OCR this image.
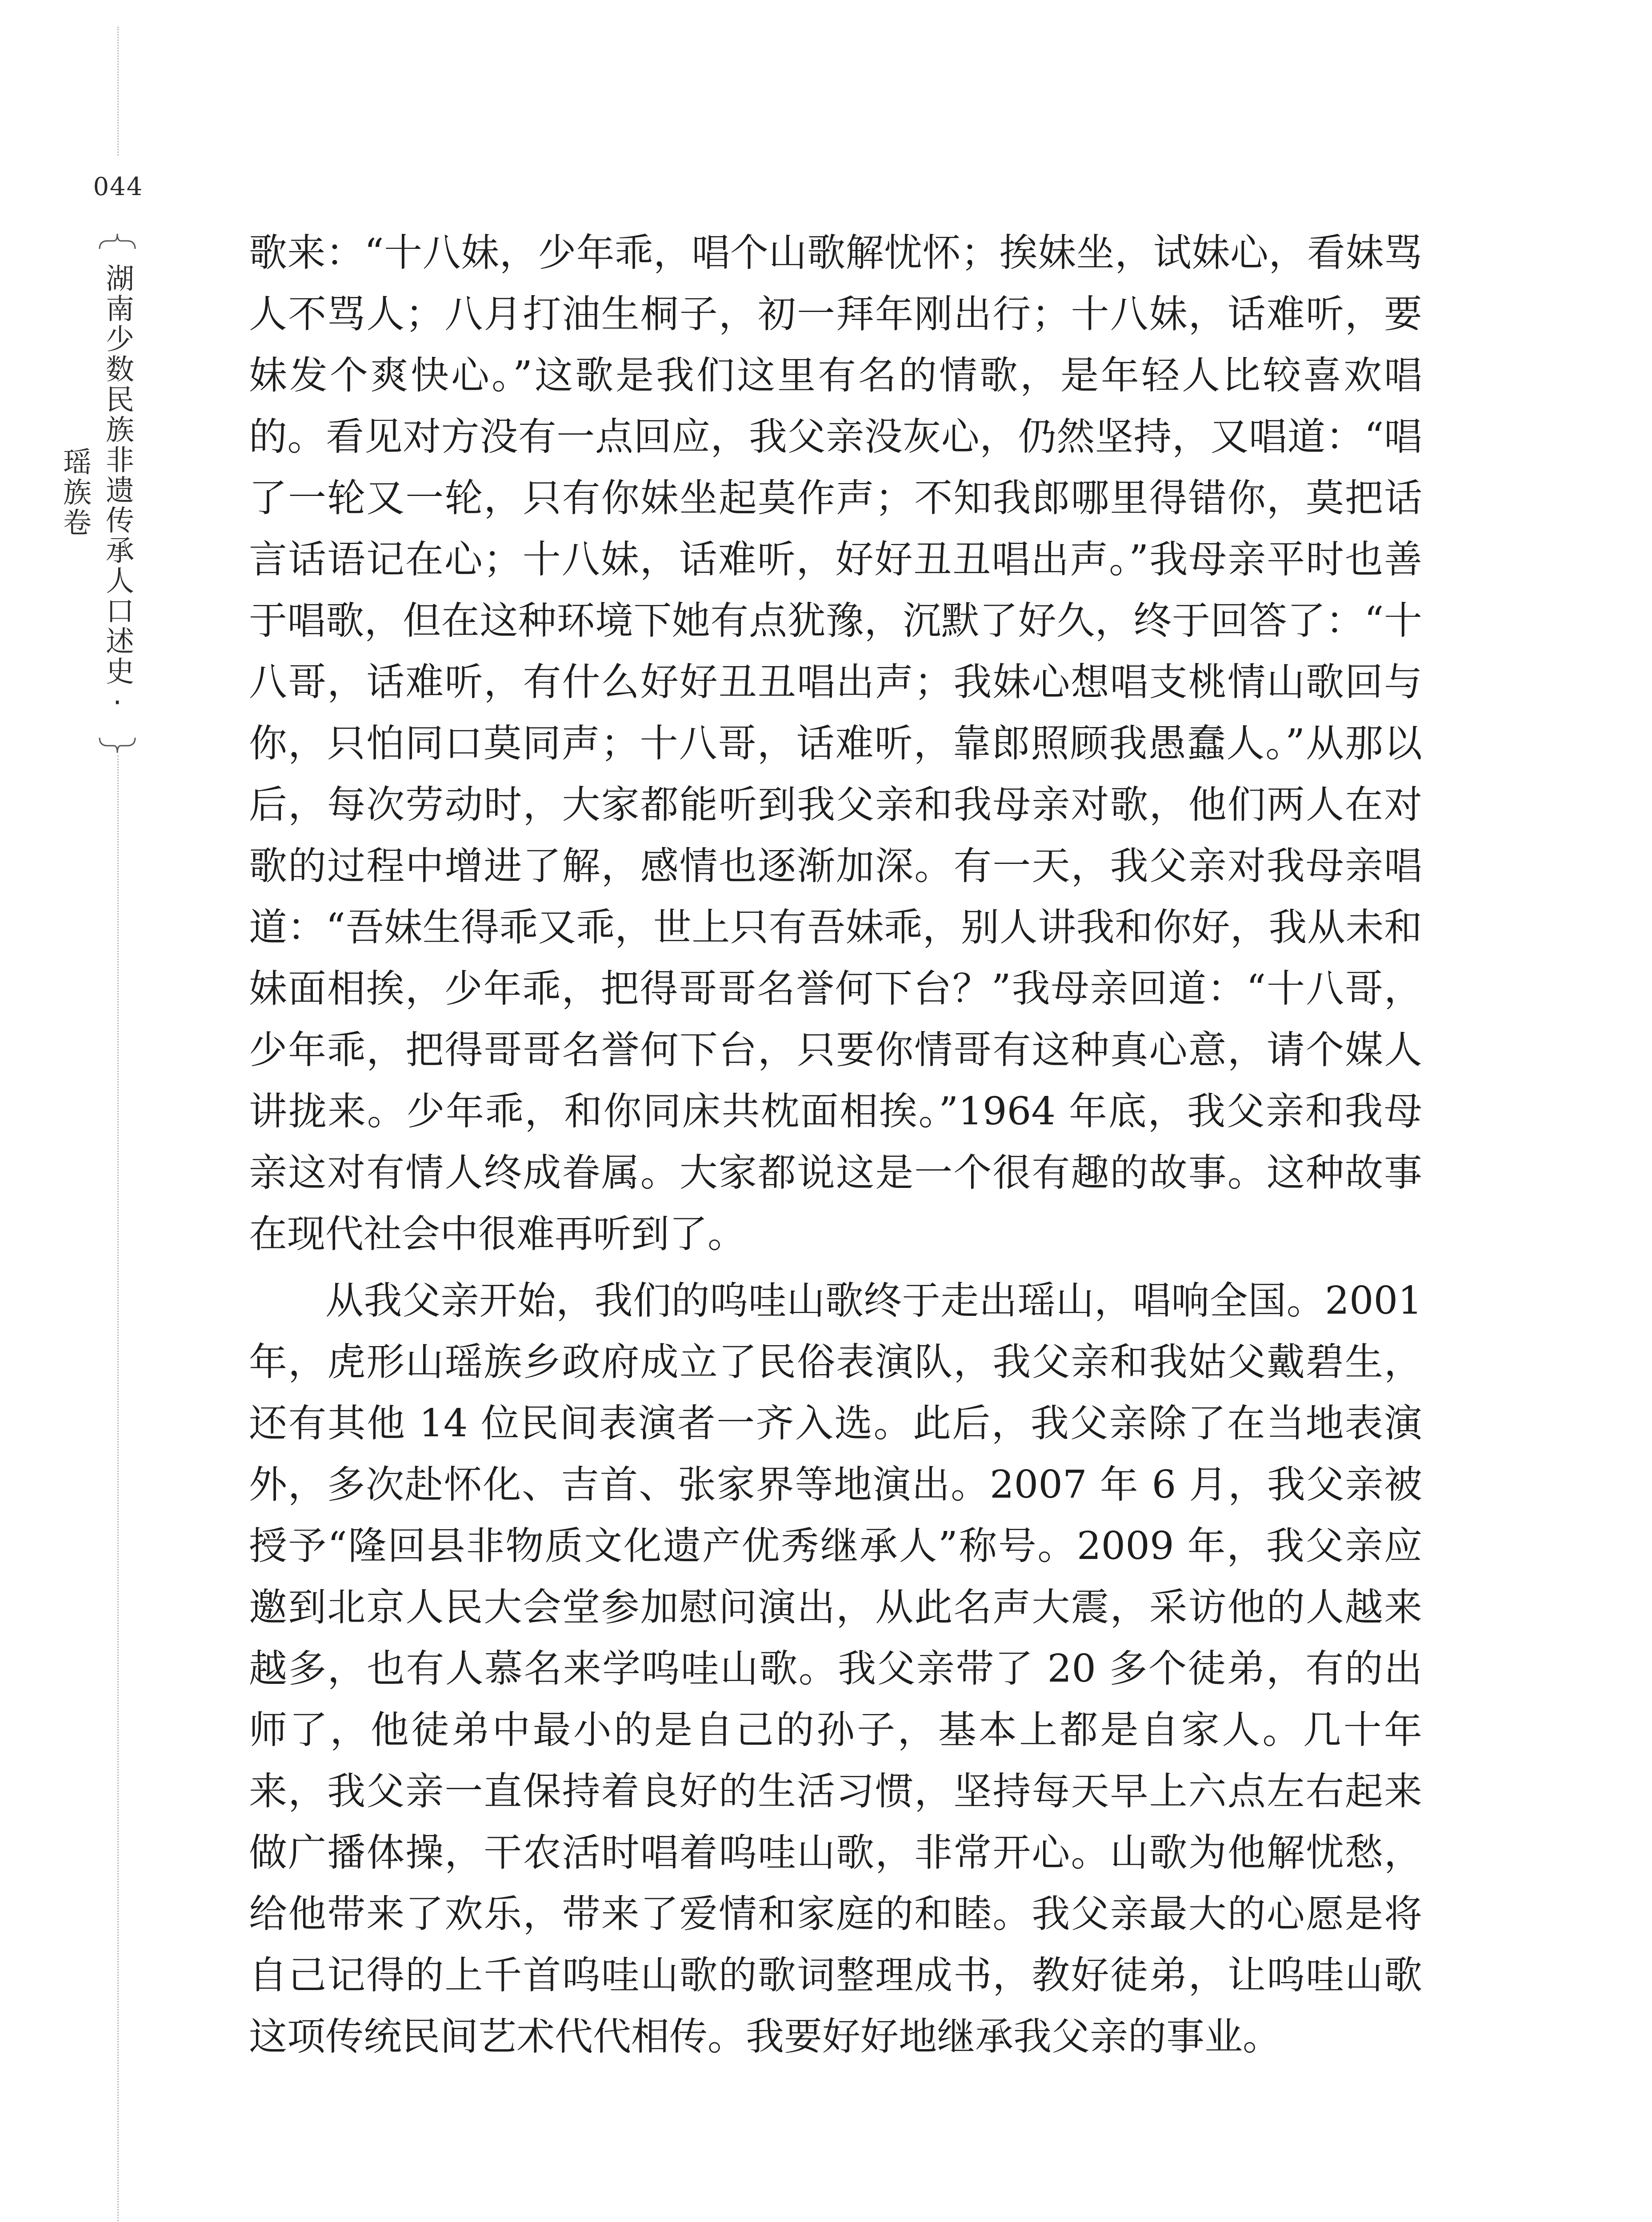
044
湖南少数民族非遗传承人口述史·瑶族卷

歌来：“十八妹，少年乖，唱个山歌解忧怀；挨妹坐，试妹心，看妹骂人不骂人；八月打油生桐子，初一拜年刚出行；十八妹，话难听，要妹发个爽快心。”这歌是我们这里有名的情歌，是年轻人比较喜欢唱的。看见对方没有一点回应，我父亲没灰心，仍然坚持，又唱道：“唱了一轮又一轮，只有你妹坐起莫作声；不知我郎哪里得错你，莫把话言话语记在心；十八妹，话难听，好好丑丑唱出声。”我母亲平时也善于唱歌，但在这种环境下她有点犹豫，沉默了好久，终于回答了：“十八哥，话难听，有什么好好丑丑唱出声；我妹心想唱支桃情山歌回与你，只怕同口莫同声；十八哥，话难听，靠郎照顾我愚蠢人。”从那以后，每次劳动时，大家都能听到我父亲和我母亲对歌，他们两人在对歌的过程中增进了解，感情也逐渐加深。有一天，我父亲对我母亲唱道：“吾妹生得乖又乖，世上只有吾妹乖，别人讲我和你好，我从未和妹面相挨，少年乖，把得哥哥名誉何下台？”我母亲回道：“十八哥，少年乖，把得哥哥名誉何下台，只要你情哥有这种真心意，请个媒人讲拢来。少年乖，和你同床共枕面相挨。”1964 年底，我父亲和我母亲这对有情人终成眷属。大家都说这是一个很有趣的故事。这种故事在现代社会中很难再听到了。

从我父亲开始，我们的呜哇山歌终于走出瑶山，唱响全国。2001 年，虎形山瑶族乡政府成立了民俗表演队，我父亲和我姑父戴碧生，还有其他 14 位民间表演者一齐入选。此后，我父亲除了在当地表演外，多次赴怀化、吉首、张家界等地演出。2007 年 6 月，我父亲被授予“隆回县非物质文化遗产优秀继承人”称号。2009 年，我父亲应邀到北京人民大会堂参加慰问演出，从此名声大震，采访他的人越来越多，也有人慕名来学呜哇山歌。我父亲带了 20 多个徒弟，有的出师了，他徒弟中最小的是自己的孙子，基本上都是自家人。几十年来，我父亲一直保持着良好的生活习惯，坚持每天早上六点左右起来做广播体操，干农活时唱着呜哇山歌，非常开心。山歌为他解忧愁，给他带来了欢乐，带来了爱情和家庭的和睦。我父亲最大的心愿是将自己记得的上千首呜哇山歌的歌词整理成书，教好徒弟，让呜哇山歌这项传统民间艺术代代相传。我要好好地继承我父亲的事业。
